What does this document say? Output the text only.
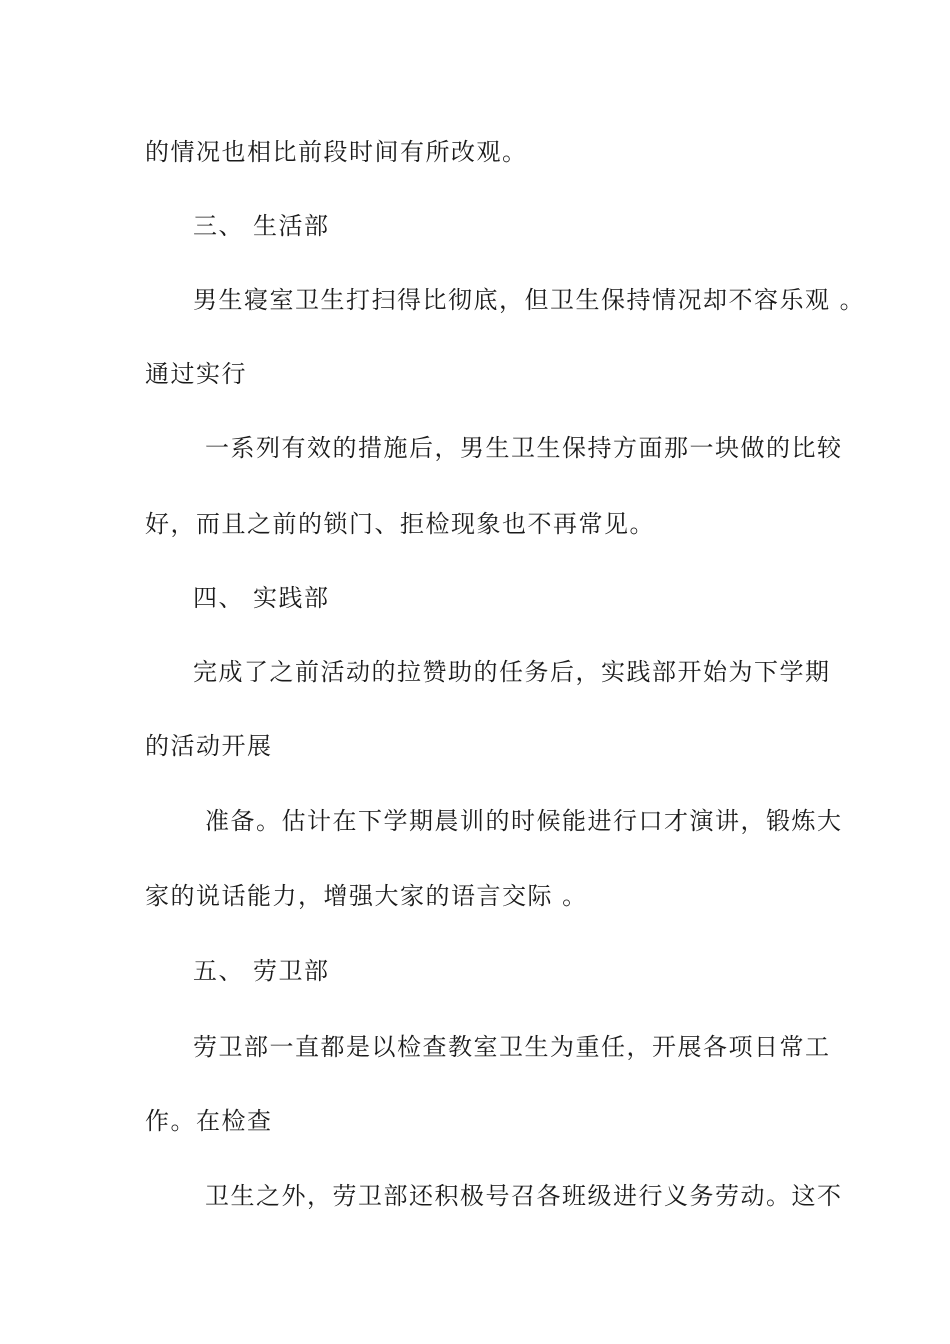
的情况也相比前段时间有所改观。
三、 生活部
男生寝室卫生打扫得比彻底，但卫生保持情况却不容乐观 。
通过实行
一系列有效的措施后，男生卫生保持方面那一块做的比较
好，而且之前的锁门、拒检现象也不再常见。
四、 实践部
完成了之前活动的拉赞助的任务后，实践部开始为下学期
的活动开展
准备。估计在下学期晨训的时候能进行口才演讲，锻炼大
家的说话能力，增强大家的语言交际 。
五、 劳卫部
劳卫部一直都是以检查教室卫生为重任，开展各项日常工
作。在检查
卫生之外，劳卫部还积极号召各班级进行义务劳动。这不
